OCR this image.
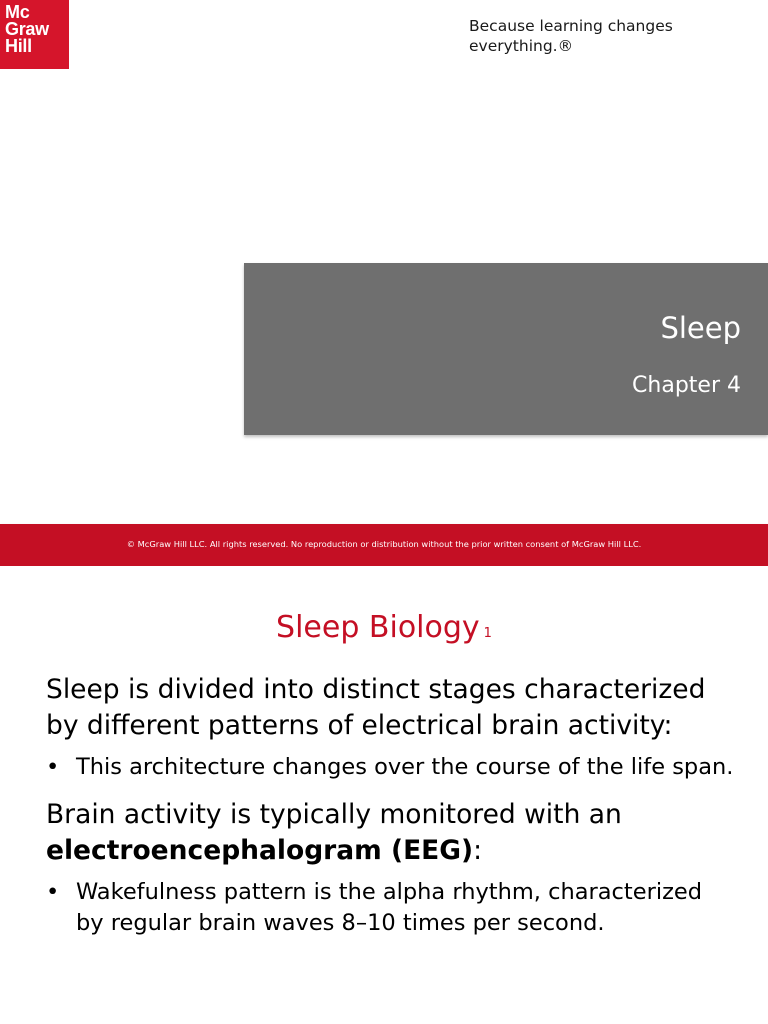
Mc
Graw
Hill
Because learning changes everything.®
Sleep
Chapter 4
© McGraw Hill LLC. All rights reserved. No reproduction or distribution without the prior written consent of McGraw Hill LLC.
Sleep Biology 1

Sleep is divided into distinct stages characterized by different patterns of electrical brain activity:

• This architecture changes over the course of the life span.

Brain activity is typically monitored with an electroencephalogram (EEG):

• Wakefulness pattern is the alpha rhythm, characterized by regular brain waves 8–10 times per second.
